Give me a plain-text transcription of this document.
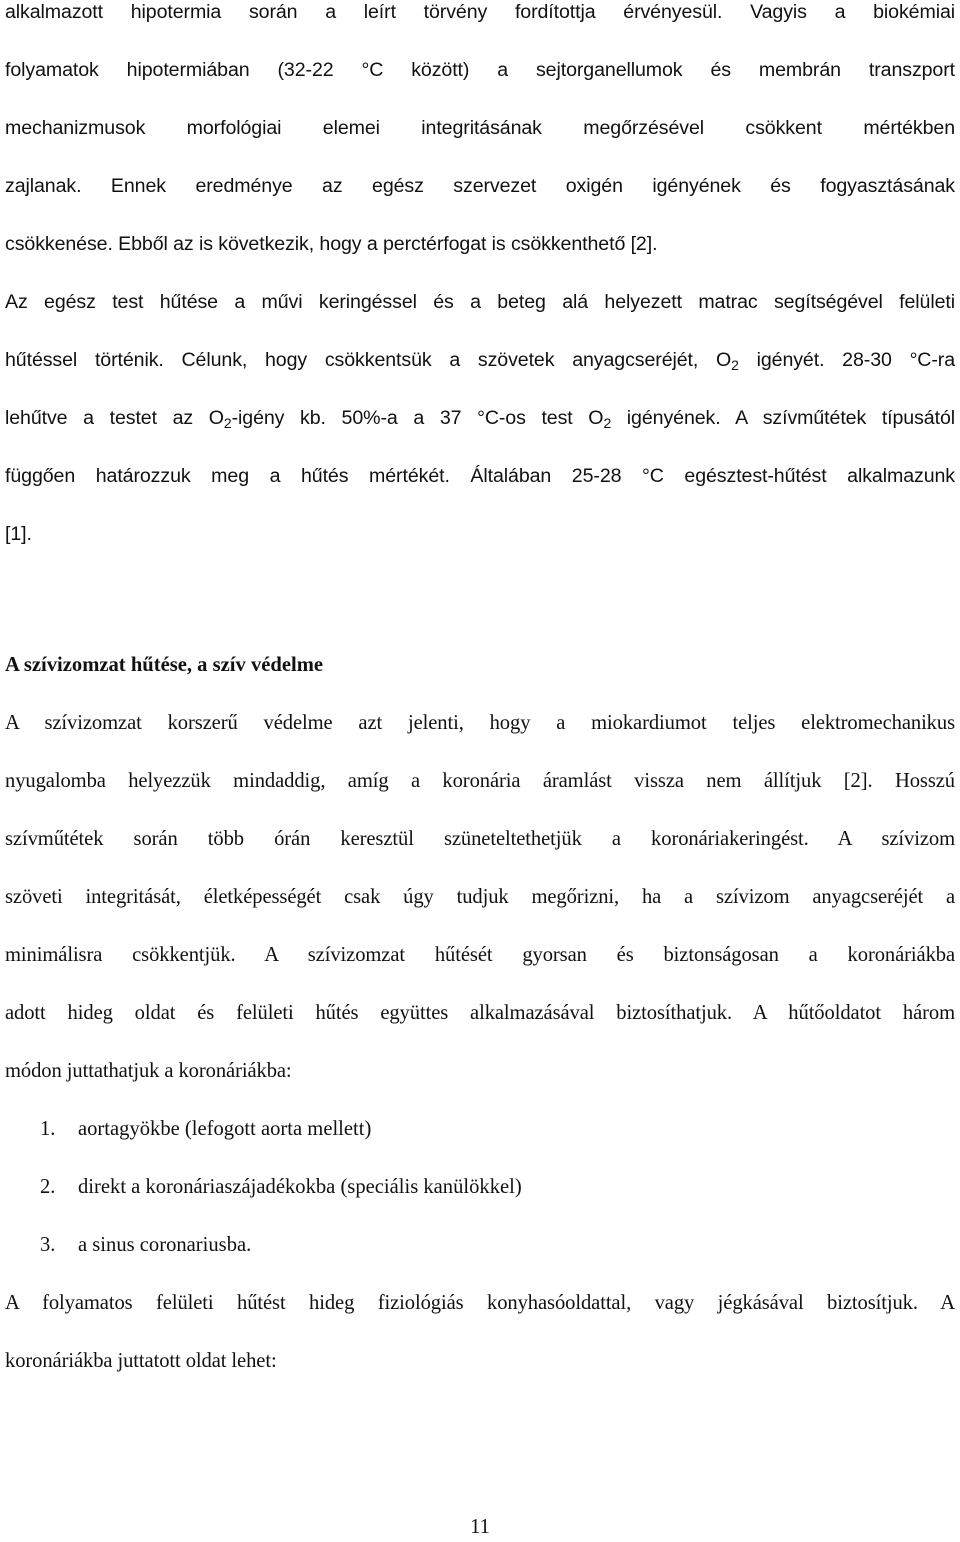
alkalmazott hipotermia során a leírt törvény fordítottja érvényesül. Vagyis a biokémiai
folyamatok hipotermiában (32-22 °C között) a sejtorganellumok és membrán transzport
mechanizmusok morfológiai elemei integritásának megőrzésével csökkent mértékben
zajlanak. Ennek eredménye az egész szervezet oxigén igényének és fogyasztásának
csökkenése. Ebből az is következik, hogy a perctérfogat is csökkenthető [2].
Az egész test hűtése a művi keringéssel és a beteg alá helyezett matrac segítségével felületi
hűtéssel történik. Célunk, hogy csökkentsük a szövetek anyagcseréjét, $O_2$ igényét. 28-30 °C-ra
lehűtve a testet az $O_2$-igény kb. 50%-a a 37 °C-os test $O_2$ igényének. A szívműtétek típusától
függően határozzuk meg a hűtés mértékét. Általában 25-28 °C egésztest-hűtést alkalmazunk
[1].
A szívizomzat hűtése, a szív védelme
A szívizomzat korszerű védelme azt jelenti, hogy a miokardiumot teljes elektromechanikus
nyugalomba helyezzük mindaddig, amíg a koronária áramlást vissza nem állítjuk [2]. Hosszú
szívműtétek során több órán keresztül szüneteltethetjük a koronáriakeringést. A szívizom
szöveti integritását, életképességét csak úgy tudjuk megőrizni, ha a szívizom anyagcseréjét a
minimálisra csökkentjük. A szívizomzat hűtését gyorsan és biztonságosan a koronáriákba
adott hideg oldat és felületi hűtés együttes alkalmazásával biztosíthatjuk. A hűtőoldatot három
módon juttathatjuk a koronáriákba:
1. aortagyökbe (lefogott aorta mellett)
2. direkt a koronáriaszájadékokba (speciális kanülökkel)
3. a sinus coronariusba.
A folyamatos felületi hűtést hideg fiziológiás konyhasóoldattal, vagy jégkásával biztosítjuk. A
koronáriákba juttatott oldat lehet:
11
